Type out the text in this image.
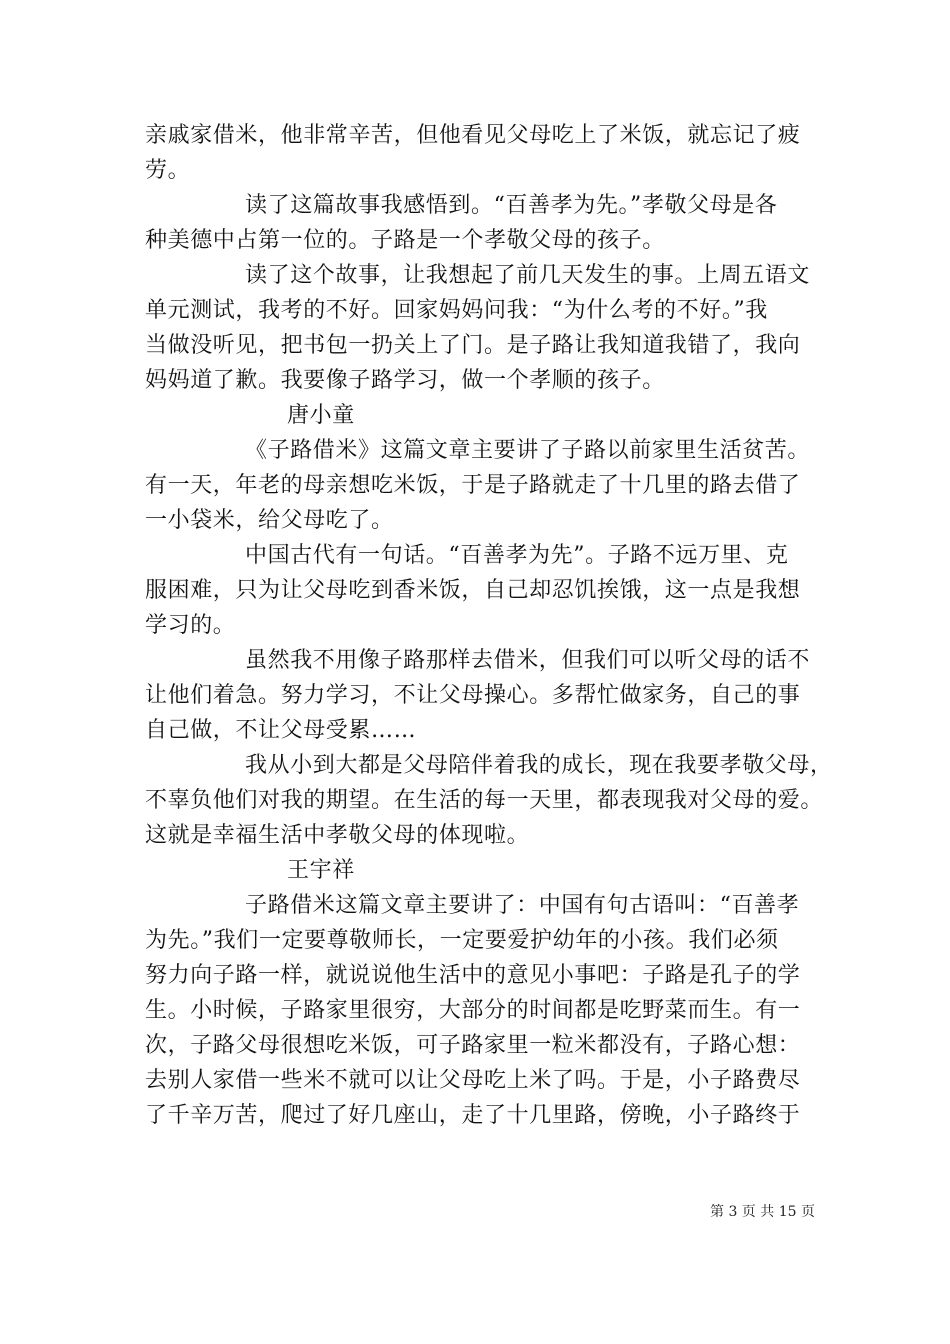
亲戚家借米，他非常辛苦，但他看见父母吃上了米饭，就忘记了疲
劳。
读了这篇故事我感悟到。“百善孝为先。”孝敬父母是各
种美德中占第一位的。子路是一个孝敬父母的孩子。
读了这个故事，让我想起了前几天发生的事。上周五语文
单元测试，我考的不好。回家妈妈问我：“为什么考的不好。”我
当做没听见，把书包一扔关上了门。是子路让我知道我错了，我向
妈妈道了歉。我要像子路学习，做一个孝顺的孩子。
唐小童
《子路借米》这篇文章主要讲了子路以前家里生活贫苦。
有一天，年老的母亲想吃米饭，于是子路就走了十几里的路去借了
一小袋米，给父母吃了。
中国古代有一句话。“百善孝为先”。子路不远万里、克
服困难，只为让父母吃到香米饭，自己却忍饥挨饿，这一点是我想
学习的。
虽然我不用像子路那样去借米，但我们可以听父母的话不
让他们着急。努力学习，不让父母操心。多帮忙做家务，自己的事
自己做，不让父母受累……
我从小到大都是父母陪伴着我的成长，现在我要孝敬父母，
不辜负他们对我的期望。在生活的每一天里，都表现我对父母的爱。
这就是幸福生活中孝敬父母的体现啦。
王宇祥
子路借米这篇文章主要讲了：中国有句古语叫：“百善孝
为先。”我们一定要尊敬师长，一定要爱护幼年的小孩。我们必须
努力向子路一样，就说说他生活中的意见小事吧：子路是孔子的学
生。小时候，子路家里很穷，大部分的时间都是吃野菜而生。有一
次，子路父母很想吃米饭，可子路家里一粒米都没有，子路心想：
去别人家借一些米不就可以让父母吃上米了吗。于是，小子路费尽
了千辛万苦，爬过了好几座山，走了十几里路，傍晚，小子路终于
第 3 页 共 15 页
